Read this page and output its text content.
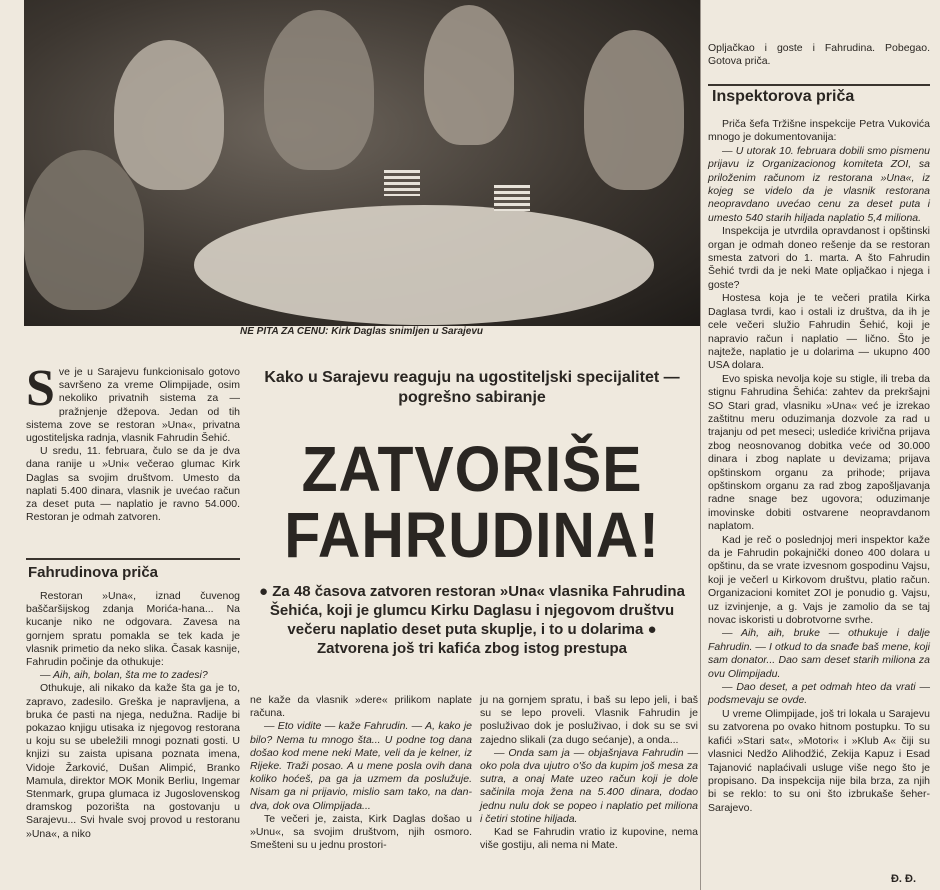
NE PITA ZA CENU: Kirk Daglas snimljen u Sarajevu

Opljačkao i goste i Fahrudina. Pobegao. Gotova priča.

Inspektorova priča

Priča šefa Tržišne inspekcije Petra Vukovića mnogo je dokumentovanija:

— U utorak 10. februara dobili smo pismenu prijavu iz Organizacionog komiteta ZOI, sa priloženim računom iz restorana »Una«, iz kojeg se videlo da je vlasnik restorana neopravdano uvećao cenu za deset puta i umesto 540 starih hiljada naplatio 5,4 miliona.

Inspekcija je utvrdila opravdanost i opštinski organ je odmah doneo rešenje da se restoran smesta zatvori do 1. marta. A što Fahrudin Šehić tvrdi da je neki Mate opljačkao i njega i goste?

Hostesa koja je te večeri pratila Kirka Daglasa tvrdi, kao i ostali iz društva, da ih je cele večeri služio Fahrudin Šehić, koji je napravio račun i naplatio — lično. Što je najteže, naplatio je u dolarima — ukupno 400 USA dolara.

Evo spiska nevolja koje su stigle, ili treba da stignu Fahrudina Šehića: zahtev da prekršajni SO Stari grad, vlasniku »Una« već je izrekao zaštitnu meru oduzimanja dozvole za rad u trajanju od pet meseci; usledićе krivična prijava zbog neosnovanog dobitka veće od 30.000 dinara i zbog naplate u devizama; prijava opštinskom organu za prihode; prijava opštinskom organu za rad zbog zapošljavanja radne snage bez ugovora; oduzimanje imovinske dobiti ostvarene neopravdanom naplatom.

Kad je reč o poslednjoj meri inspektor kaže da je Fahrudin pokajnički doneo 400 dolara u opštinu, da se vrate izvesnom gospodinu Vajsu, koji je večerl u Kirkovom društvu, platio račun. Organizacioni komitet ZOI je ponudio g. Vajsu, uz izvinjenje, a g. Vajs je zamolio da se taj novac iskoristi u dobrotvorne svrhe.

— Aih, aih, bruke — othukuje i dalje Fahrudin. — I otkud to da snađe baš mene, koji sam donator... Dao sam deset starih miliona za ovu Olimpijadu.

— Dao deset, a pet odmah hteo da vrati — podsmevaju se ovde.

U vreme Olimpijade, još tri lokala u Sarajevu su zatvorena po ovako hitnom postupku. To su kafići »Stari sat«, »Motori« i »Klub A« čiji su vlasnici Nedžo Alihodžić, Zekija Kapuz i Esad Tajanović naplaćivali usluge više nego što je propisano. Da inspekcija nije bila brza, za njih bi se reklo: to su oni što izbrukaše šeher-Sarajevo.

Đ. Đ.
S ve je u Sarajevu funkcionisalo gotovo savršeno za vreme Olimpijade, osim nekoliko privatnih sistema za — pražnjenje džepova. Jedan od tih sistema zove se restoran »Una«, privatna ugostiteljska radnja, vlasnik Fahrudin Šehić.

U sredu, 11. februara, čulo se da je dva dana ranije u »Uni« večerao glumac Kirk Daglas sa svojim društvom. Umesto da naplati 5.400 dinara, vlasnik je uvećao račun za deset puta — naplatio je ravno 54.000. Restoran je odmah zatvoren.

Fahrudinova priča

Restoran »Una«, iznad čuvenog baščaršijskog zdanja Morića-hana... Na kucanje niko ne odgovara. Zavesa na gornjem spratu pomakla se tek kada je vlasnik primetio da neko slika. Časak kasnije, Fahrudin počinje da othukuje:

— Aih, aih, bolan, šta me to zadesi?

Othukuje, ali nikako da kaže šta ga je to, zapravo, zadesilo. Greška je napravljena, a bruka će pasti na njega, nedužna. Radije bi pokazao knjigu utisaka iz njegovog restorana u koju su se ubeležili mnogi poznati gosti. U knjizi su zaista upisana poznata imena, Vidoje Žarković, Dušan Alimpić, Branko Mamula, direktor MOK Monik Berliu, Ingemar Stenmark, grupa glumaca iz Jugoslovenskog dramskog pozorišta na gostovanju u Sarajevu... Svi hvale svoj provod u restoranu »Una«, a niko

Kako u Sarajevu reaguju na ugostiteljski specijalitet — pogrešno sabiranje
ZATVORIŠE
FAHRUDINA!
● Za 48 časova zatvoren restoran »Una« vlasnika Fahrudina Šehića, koji je glumcu Kirku Daglasu i njegovom društvu večeru naplatio deset puta skuplje, i to u dolarima ● Zatvorena još tri kafića zbog istog prestupa

ne kaže da vlasnik »dere« prilikom naplate računa.

— Eto vidite — kaže Fahrudin. — A, kako je bilo? Nema tu mnogo šta... U podne tog dana došao kod mene neki Mate, veli da je kelner, iz Rijeke. Traži posao. A u mene posla ovih dana koliko hoćeš, pa ga ja uzmem da poslužuje. Nisam ga ni prijavio, mislio sam tako, na dan-dva, dok ova Olimpijada...

Te večeri je, zaista, Kirk Daglas došao u »Unu«, sa svojim društvom, njih osmoro. Smešteni su u jednu prostori-

ju na gornjem spratu, i baš su lepo jeli, i baš su se lepo proveli. Vlasnik Fahrudin je posluživao dok je posluživao, i dok su se svi zajedno slikali (za dugo sećanje), a onda...

— Onda sam ja — objašnjava Fahrudin — oko pola dva ujutro o'šo da kupim još mesa za sutra, a onaj Mate uzeo račun koji je dole sačinila moja žena na 5.400 dinara, dodao jednu nulu dok se popeo i naplatio pet miliona i četiri stotine hiljada.

Kad se Fahrudin vratio iz kupovine, nema više gostiju, ali nema ni Mate.
